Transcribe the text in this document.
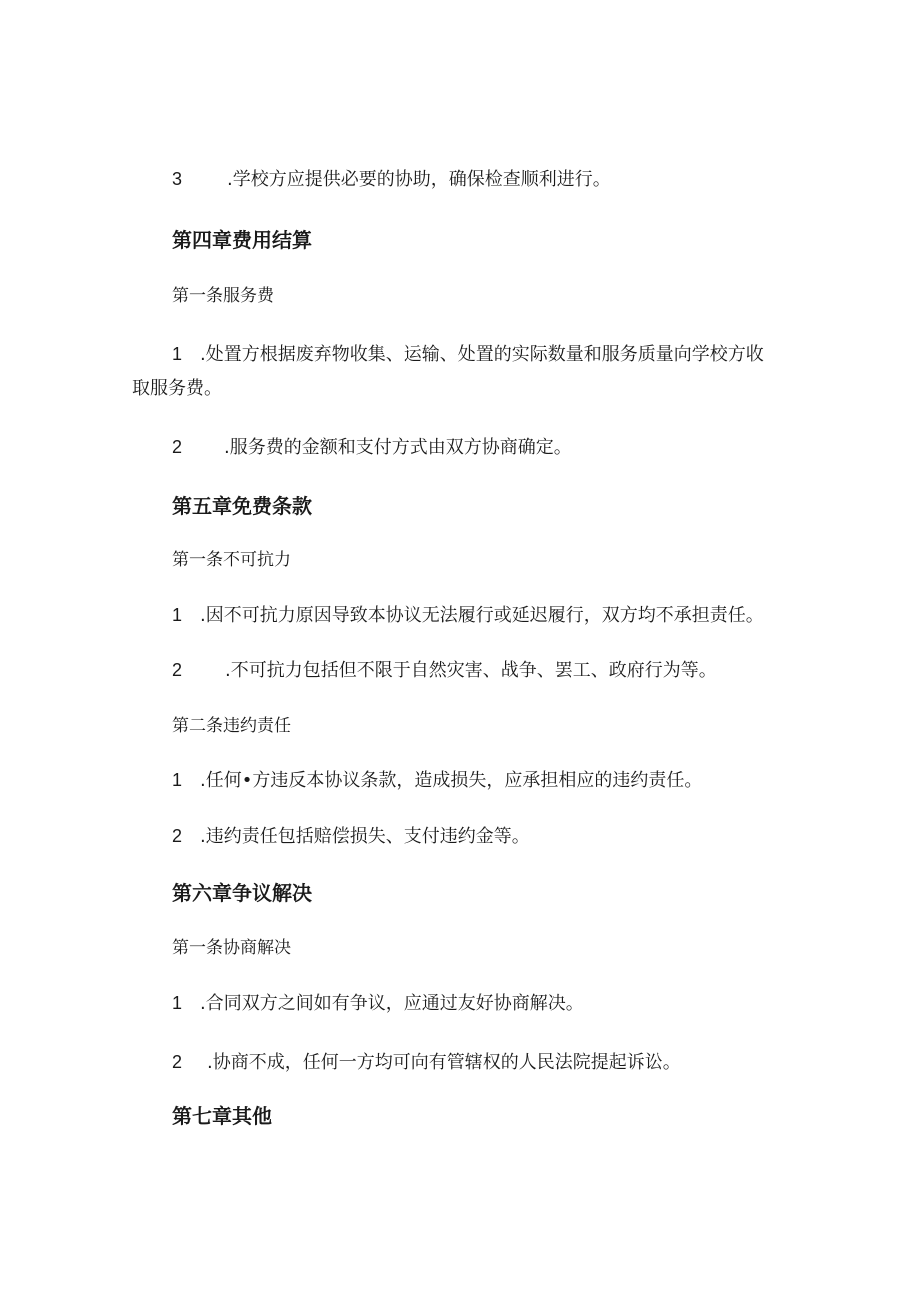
3 .学校方应提供必要的协助，确保检查顺利进行。
第四章费用结算
第一条服务费
1 .处置方根据废弃物收集、运输、处置的实际数量和服务质量向学校方收
取服务费。
2 .服务费的金额和支付方式由双方协商确定。
第五章免费条款
第一条不可抗力
1 .因不可抗力原因导致本协议无法履行或延迟履行，双方均不承担责任。
2 .不可抗力包括但不限于自然灾害、战争、罢工、政府行为等。
第二条违约责任
1 .任何•方违反本协议条款，造成损失，应承担相应的违约责任。
2 .违约责任包括赔偿损失、支付违约金等。
第六章争议解决
第一条协商解决
1 .合同双方之间如有争议，应通过友好协商解决。
2 .协商不成，任何一方均可向有管辖权的人民法院提起诉讼。
第七章其他
